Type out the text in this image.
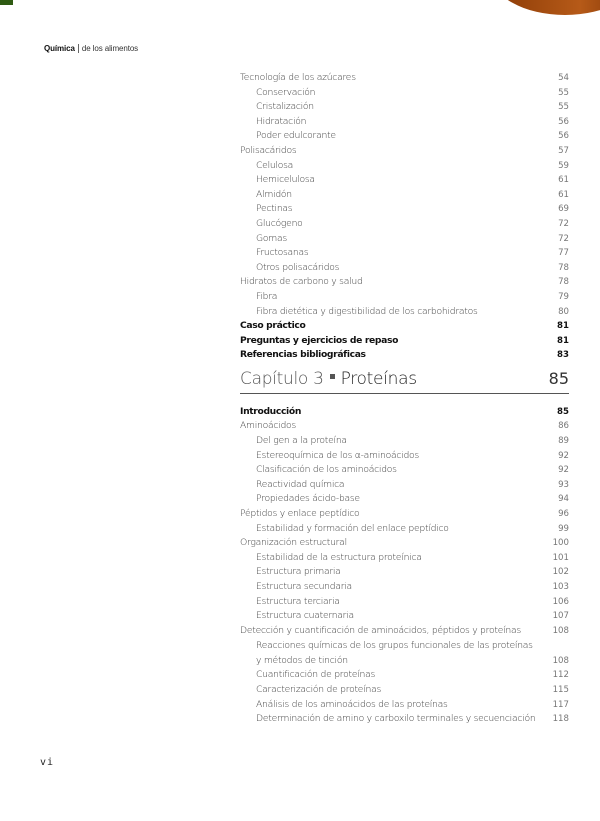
Química de los alimentos
Tecnología de los azúcares	54
Conservación	55
Cristalización	55
Hidratación	56
Poder edulcorante	56
Polisacáridos	57
Celulosa	59
Hemicelulosa	61
Almidón	61
Pectinas	69
Glucógeno	72
Gomas	72
Fructosanas	77
Otros polisacáridos	78
Hidratos de carbono y salud	78
Fibra	79
Fibra dietética y digestibilidad de los carbohidratos	80
Caso práctico	81
Preguntas y ejercicios de repaso	81
Referencias bibliográficas	83
Capítulo 3 Proteínas	85
Introducción	85
Aminoácidos	86
Del gen a la proteína	89
Estereoquímica de los α-aminoácidos	92
Clasificación de los aminoácidos	92
Reactividad química	93
Propiedades ácido-base	94
Péptidos y enlace peptídico	96
Estabilidad y formación del enlace peptídico	99
Organización estructural	100
Estabilidad de la estructura proteínica	101
Estructura primaria	102
Estructura secundaria	103
Estructura terciaria	106
Estructura cuaternaria	107
Detección y cuantificación de aminoácidos, péptidos y proteínas	108
Reacciones químicas de los grupos funcionales de las proteínas y métodos de tinción	108
Cuantificación de proteínas	112
Caracterización de proteínas	115
Análisis de los aminoácidos de las proteínas	117
Determinación de amino y carboxilo terminales y secuenciación	118
vi
